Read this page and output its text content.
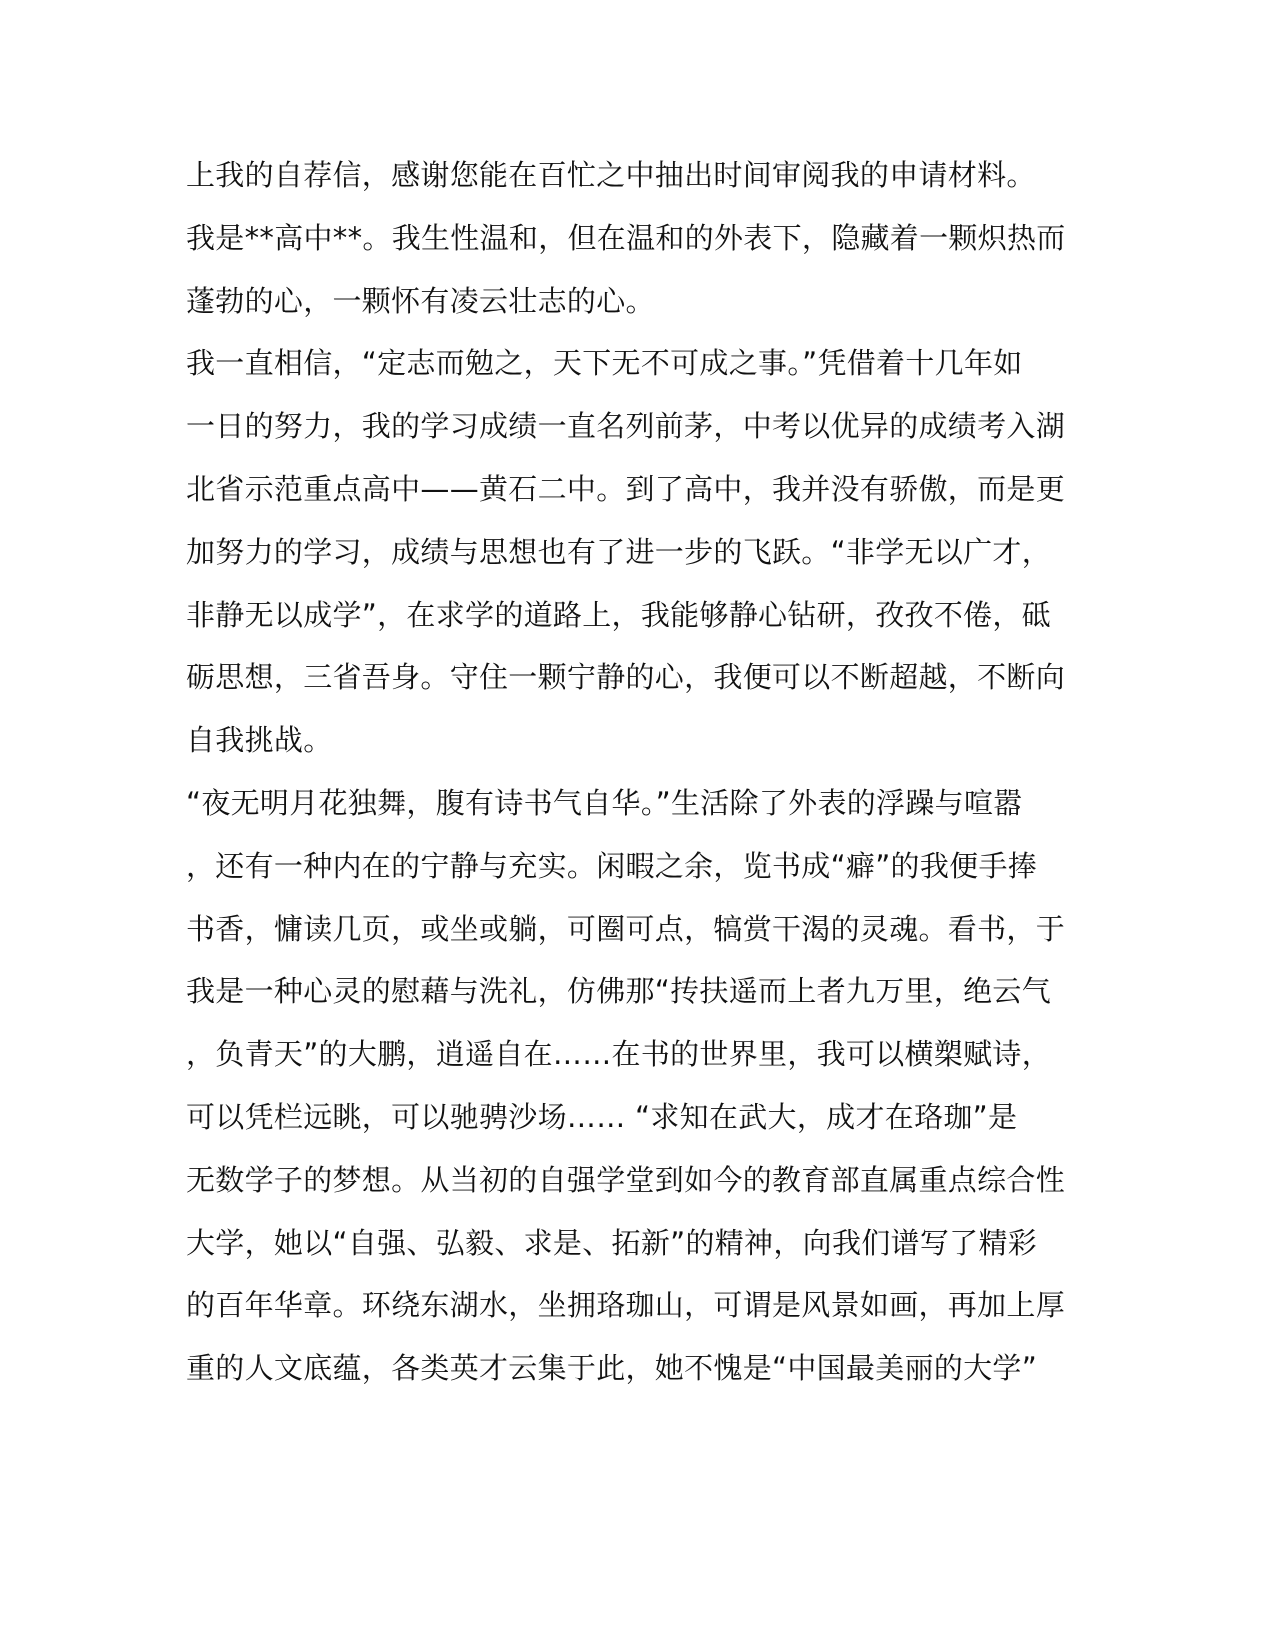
上我的自荐信，感谢您能在百忙之中抽出时间审阅我的申请材料。
我是**高中**。我生性温和，但在温和的外表下，隐藏着一颗炽热而
蓬勃的心，一颗怀有凌云壮志的心。
我一直相信，“定志而勉之，天下无不可成之事。”凭借着十几年如
一日的努力，我的学习成绩一直名列前茅，中考以优异的成绩考入湖
北省示范重点高中——黄石二中。到了高中，我并没有骄傲，而是更
加努力的学习，成绩与思想也有了进一步的飞跃。“非学无以广才，
非静无以成学”，在求学的道路上，我能够静心钻研，孜孜不倦，砥
砺思想，三省吾身。守住一颗宁静的心，我便可以不断超越，不断向
自我挑战。
“夜无明月花独舞，腹有诗书气自华。”生活除了外表的浮躁与喧嚣
，还有一种内在的宁静与充实。闲暇之余，览书成“癖”的我便手捧
书香，慵读几页，或坐或躺，可圈可点，犒赏干渴的灵魂。看书，于
我是一种心灵的慰藉与洗礼，仿佛那“抟扶遥而上者九万里，绝云气
，负青天”的大鹏，逍遥自在……在书的世界里，我可以横槊赋诗，
可以凭栏远眺，可以驰骋沙场…… “求知在武大，成才在珞珈”是
无数学子的梦想。从当初的自强学堂到如今的教育部直属重点综合性
大学，她以“自强、弘毅、求是、拓新”的精神，向我们谱写了精彩
的百年华章。环绕东湖水，坐拥珞珈山，可谓是风景如画，再加上厚
重的人文底蕴，各类英才云集于此，她不愧是“中国最美丽的大学”
